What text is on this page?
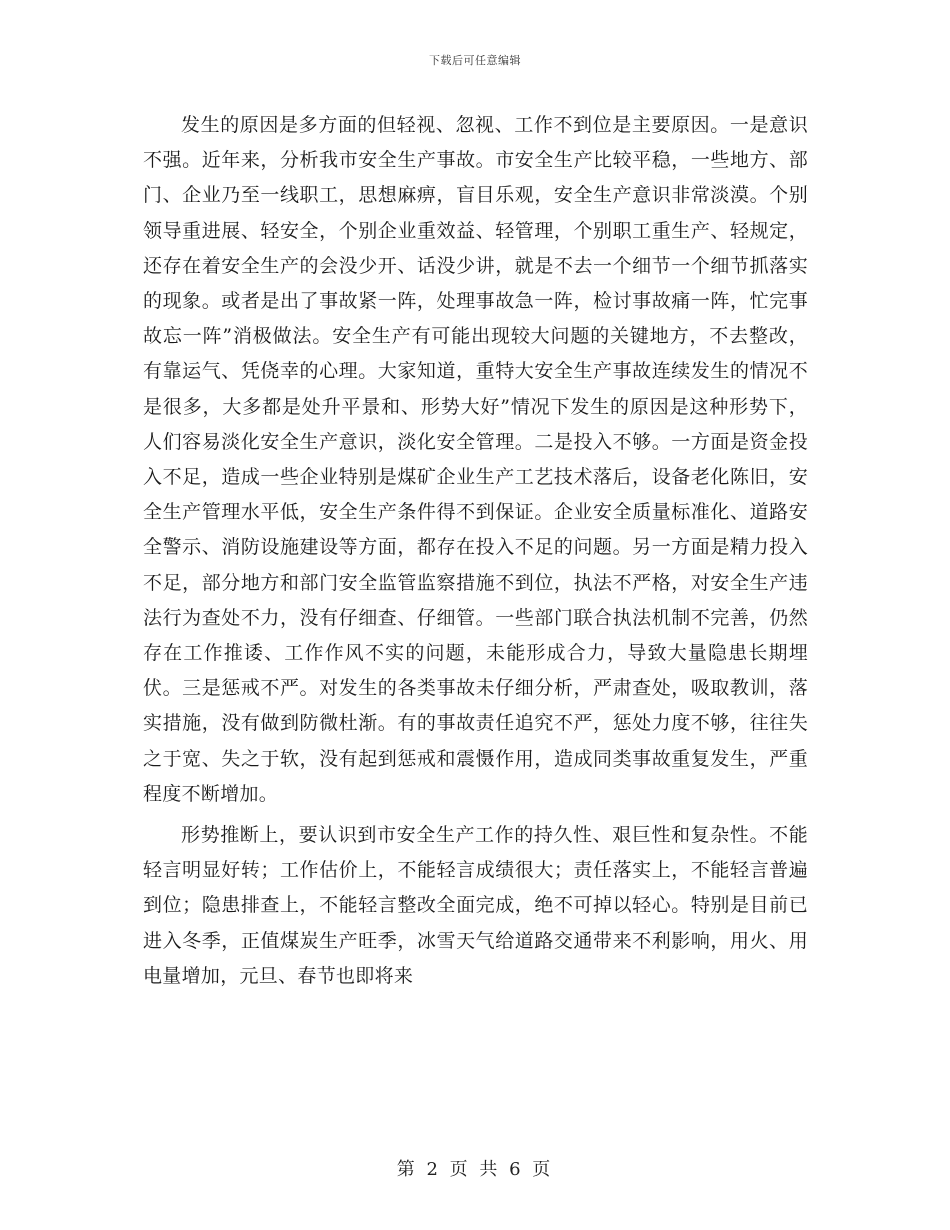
下载后可任意编辑

发生的原因是多方面的但轻视、忽视、工作不到位是主要原因。一是意识不强。近年来，分析我市安全生产事故。市安全生产比较平稳，一些地方、部门、企业乃至一线职工，思想麻痹，盲目乐观，安全生产意识非常淡漠。个别领导重进展、轻安全，个别企业重效益、轻管理，个别职工重生产、轻规定，还存在着安全生产的会没少开、话没少讲，就是不去一个细节一个细节抓落实的现象。或者是出了事故紧一阵，处理事故急一阵，检讨事故痛一阵，忙完事故忘一阵”消极做法。安全生产有可能出现较大问题的关键地方，不去整改，有靠运气、凭侥幸的心理。大家知道，重特大安全生产事故连续发生的情况不是很多，大多都是处升平景和、形势大好”情况下发生的原因是这种形势下，人们容易淡化安全生产意识，淡化安全管理。二是投入不够。一方面是资金投入不足，造成一些企业特别是煤矿企业生产工艺技术落后，设备老化陈旧，安全生产管理水平低，安全生产条件得不到保证。企业安全质量标准化、道路安全警示、消防设施建设等方面，都存在投入不足的问题。另一方面是精力投入不足，部分地方和部门安全监管监察措施不到位，执法不严格，对安全生产违法行为查处不力，没有仔细查、仔细管。一些部门联合执法机制不完善，仍然存在工作推诿、工作作风不实的问题，未能形成合力，导致大量隐患长期埋伏。三是惩戒不严。对发生的各类事故未仔细分析，严肃查处，吸取教训，落实措施，没有做到防微杜渐。有的事故责任追究不严，惩处力度不够，往往失之于宽、失之于软，没有起到惩戒和震慑作用，造成同类事故重复发生，严重程度不断增加。

形势推断上，要认识到市安全生产工作的持久性、艰巨性和复杂性。不能轻言明显好转；工作估价上，不能轻言成绩很大；责任落实上，不能轻言普遍到位；隐患排查上，不能轻言整改全面完成，绝不可掉以轻心。特别是目前已进入冬季，正值煤炭生产旺季，冰雪天气给道路交通带来不利影响，用火、用电量增加，元旦、春节也即将来

第 2 页 共 6 页
